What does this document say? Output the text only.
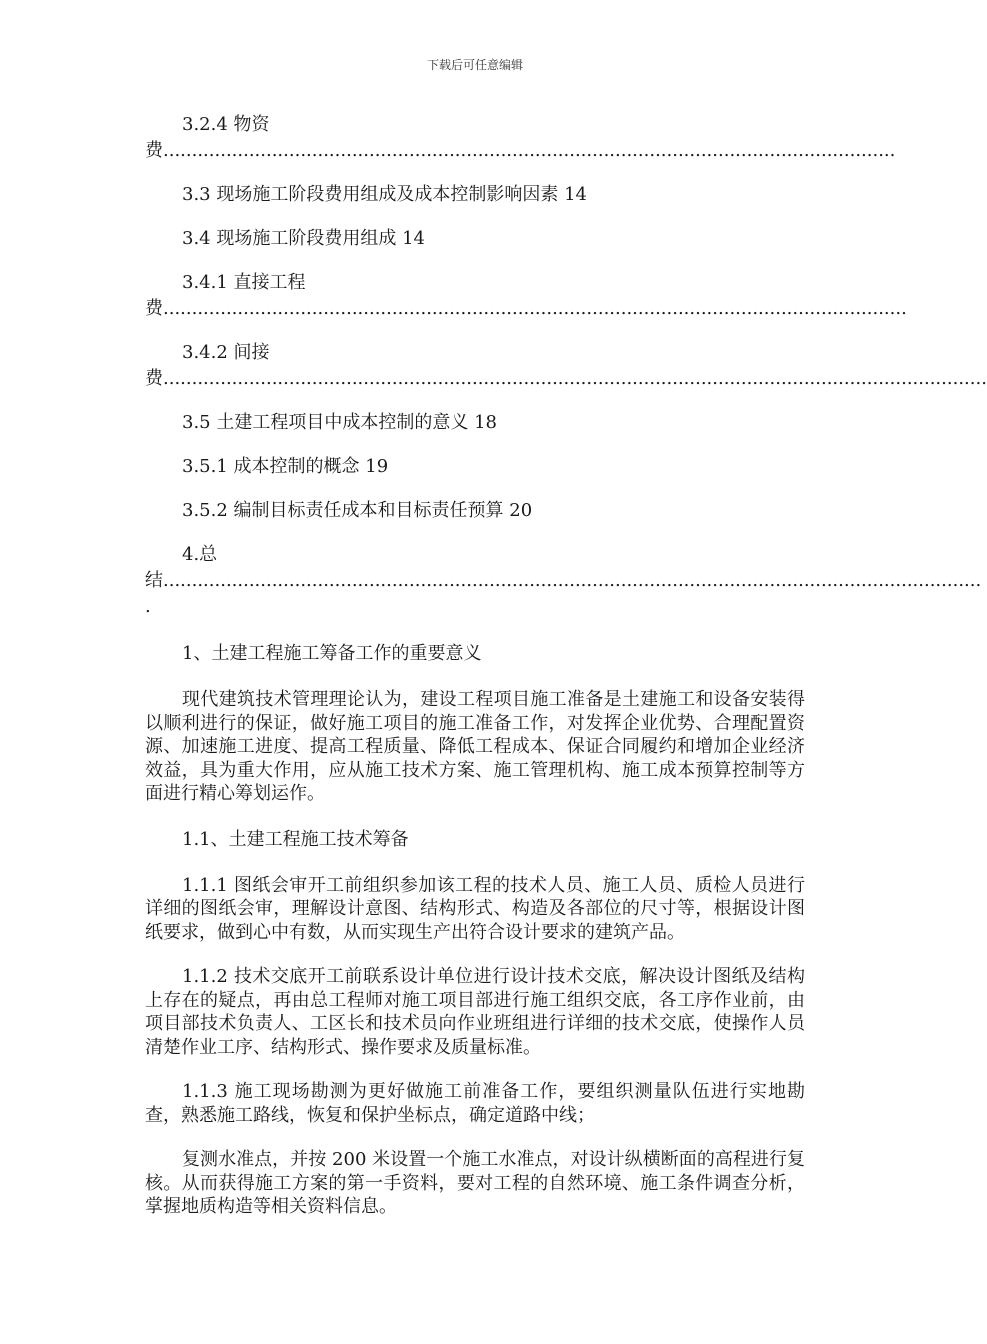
下载后可任意编辑
3.2.4 物资
费................................................................................................................................

3.3 现场施工阶段费用组成及成本控制影响因素 14

3.4 现场施工阶段费用组成 14

3.4.1 直接工程
费..................................................................................................................................
3.4.2 间接
费................................................................................................................................................

3.5 土建工程项目中成本控制的意义 18

3.5.1 成本控制的概念 19

3.5.2 编制目标责任成本和目标责任预算 20

4.总
结...............................................................................................................................................
.

1、土建工程施工筹备工作的重要意义

现代建筑技术管理理论认为，建设工程项目施工准备是土建施工和设备安装得以顺利进行的保证，做好施工项目的施工准备工作，对发挥企业优势、合理配置资源、加速施工进度、提高工程质量、降低工程成本、保证合同履约和增加企业经济效益，具为重大作用，应从施工技术方案、施工管理机构、施工成本预算控制等方面进行精心筹划运作。

1.1、土建工程施工技术筹备

1.1.1 图纸会审开工前组织参加该工程的技术人员、施工人员、质检人员进行详细的图纸会审，理解设计意图、结构形式、构造及各部位的尺寸等，根据设计图纸要求，做到心中有数，从而实现生产出符合设计要求的建筑产品。

1.1.2 技术交底开工前联系设计单位进行设计技术交底，解决设计图纸及结构上存在的疑点，再由总工程师对施工项目部进行施工组织交底，各工序作业前，由项目部技术负责人、工区长和技术员向作业班组进行详细的技术交底，使操作人员清楚作业工序、结构形式、操作要求及质量标准。

1.1.3 施工现场勘测为更好做施工前准备工作，要组织测量队伍进行实地勘查，熟悉施工路线，恢复和保护坐标点，确定道路中线；

复测水准点，并按 200 米设置一个施工水准点，对设计纵横断面的高程进行复核。从而获得施工方案的第一手资料，要对工程的自然环境、施工条件调查分析，掌握地质构造等相关资料信息。
